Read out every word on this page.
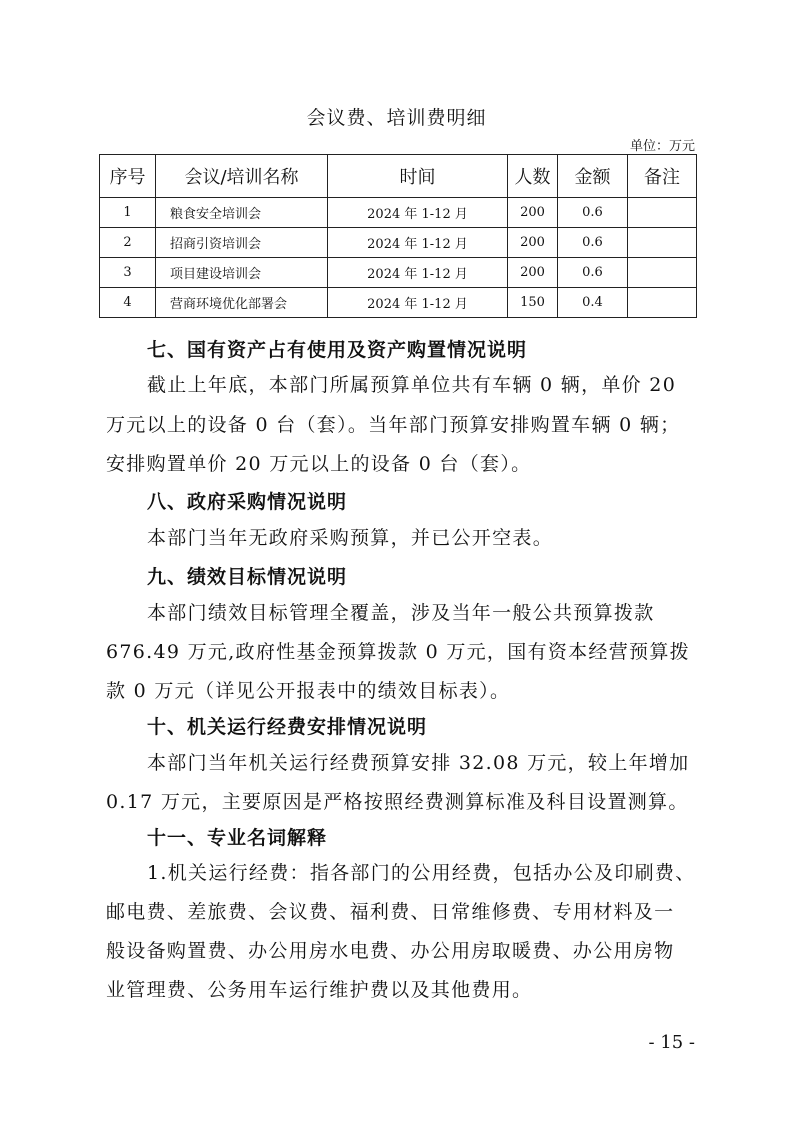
会议费、培训费明细
单位：万元
序号	会议/培训名称	时间	人数	金额	备注
1	粮食安全培训会	2024 年 1-12 月	200	0.6	
2	招商引资培训会	2024 年 1-12 月	200	0.6	
3	项目建设培训会	2024 年 1-12 月	200	0.6	
4	营商环境优化部署会	2024 年 1-12 月	150	0.4	
七、国有资产占有使用及资产购置情况说明
截止上年底，本部门所属预算单位共有车辆 0 辆，单价 20
万元以上的设备 0 台（套）。当年部门预算安排购置车辆 0 辆；
安排购置单价 20 万元以上的设备 0 台（套）。
八、政府采购情况说明
本部门当年无政府采购预算，并已公开空表。
九、绩效目标情况说明
本部门绩效目标管理全覆盖，涉及当年一般公共预算拨款
676.49 万元,政府性基金预算拨款 0 万元，国有资本经营预算拨
款 0 万元（详见公开报表中的绩效目标表）。
十、机关运行经费安排情况说明
本部门当年机关运行经费预算安排 32.08 万元，较上年增加
0.17 万元，主要原因是严格按照经费测算标准及科目设置测算。
十一、专业名词解释
1.机关运行经费：指各部门的公用经费，包括办公及印刷费、
邮电费、差旅费、会议费、福利费、日常维修费、专用材料及一
般设备购置费、办公用房水电费、办公用房取暖费、办公用房物
业管理费、公务用车运行维护费以及其他费用。
- 15 -
